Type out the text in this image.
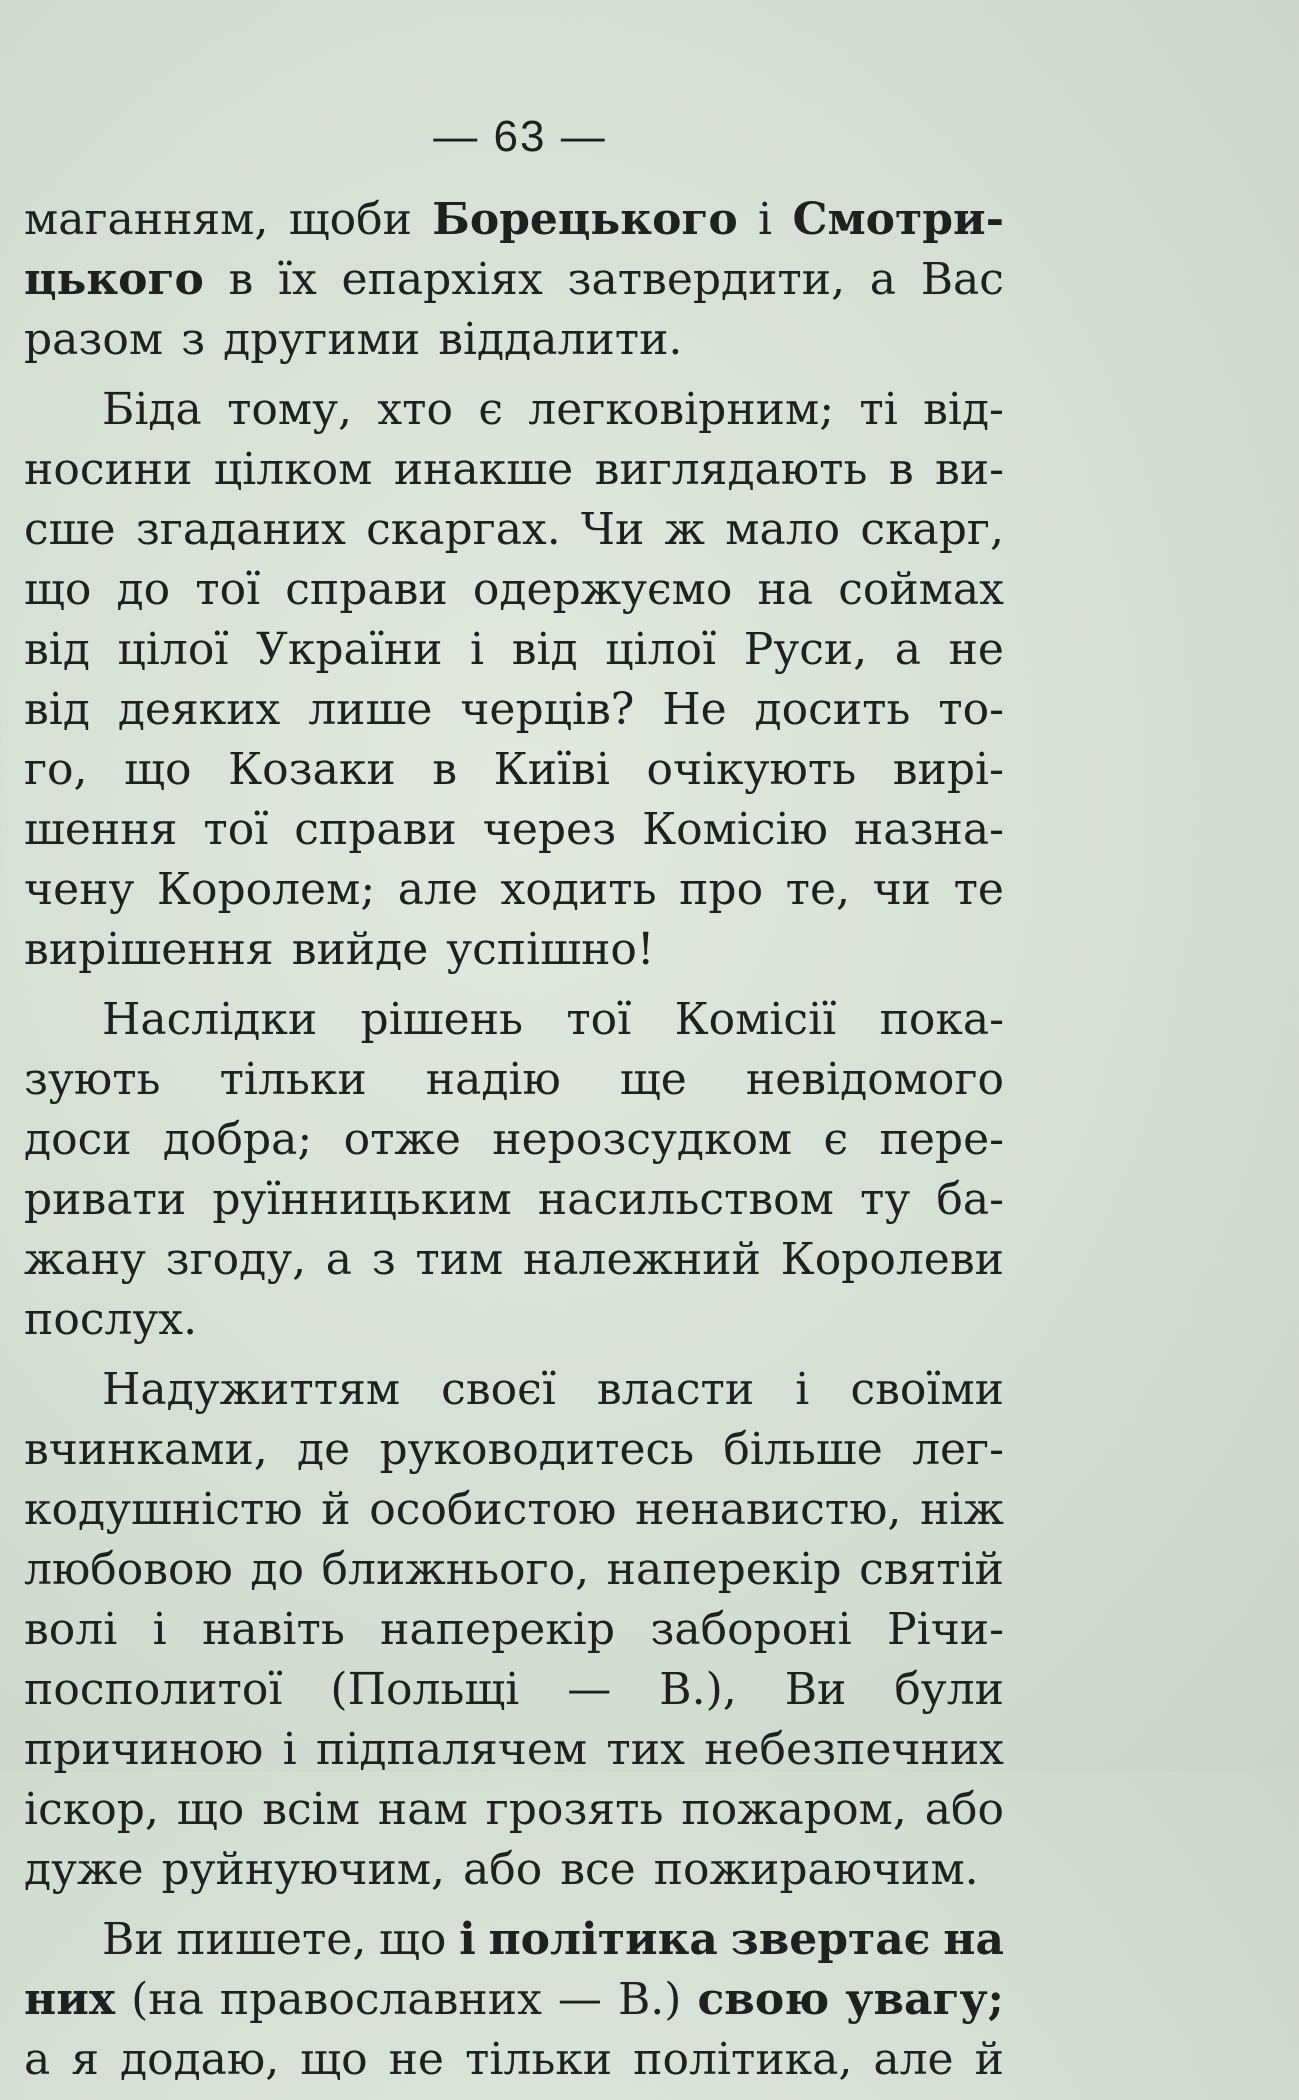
— 63 —
маганням, щоби Борецького і Смотри-
цького в їх епархіях затвердити, а Вас
разом з другими віддалити.
Біда тому, хто є легковірним; ті від-
носини цілком инакше виглядають в ви-
сше згаданих скаргах. Чи ж мало скарг,
що до тої справи одержуємо на соймах
від цілої України і від цілої Руси, а не
від деяких лише черців? Не досить то-
го, що Козаки в Київі очікують вирі-
шення тої справи через Комісію назна-
чену Королем; але ходить про те, чи те
вирішення вийде успішно!
Наслідки рішень тої Комісії пока-
зують тільки надію ще невідомого
доси добра; отже нерозсудком є пере-
ривати руїнницьким насильством ту ба-
жану згоду, а з тим належний Королеви
послух.
Надужиттям своєї власти і своїми
вчинками, де руководитесь більше лег-
кодушністю й особистою ненавистю, ніж
любовою до ближнього, наперекір святій
волі і навіть наперекір забороні Річи-
посполитої (Польщі — В.), Ви були
причиною і підпалячем тих небезпечних
іскор, що всім нам грозять пожаром, або
дуже руйнуючим, або все пожираючим.
Ви пишете, що і політика звертає на
них (на православних — В.) свою увагу;
а я додаю, що не тільки політика, але й
